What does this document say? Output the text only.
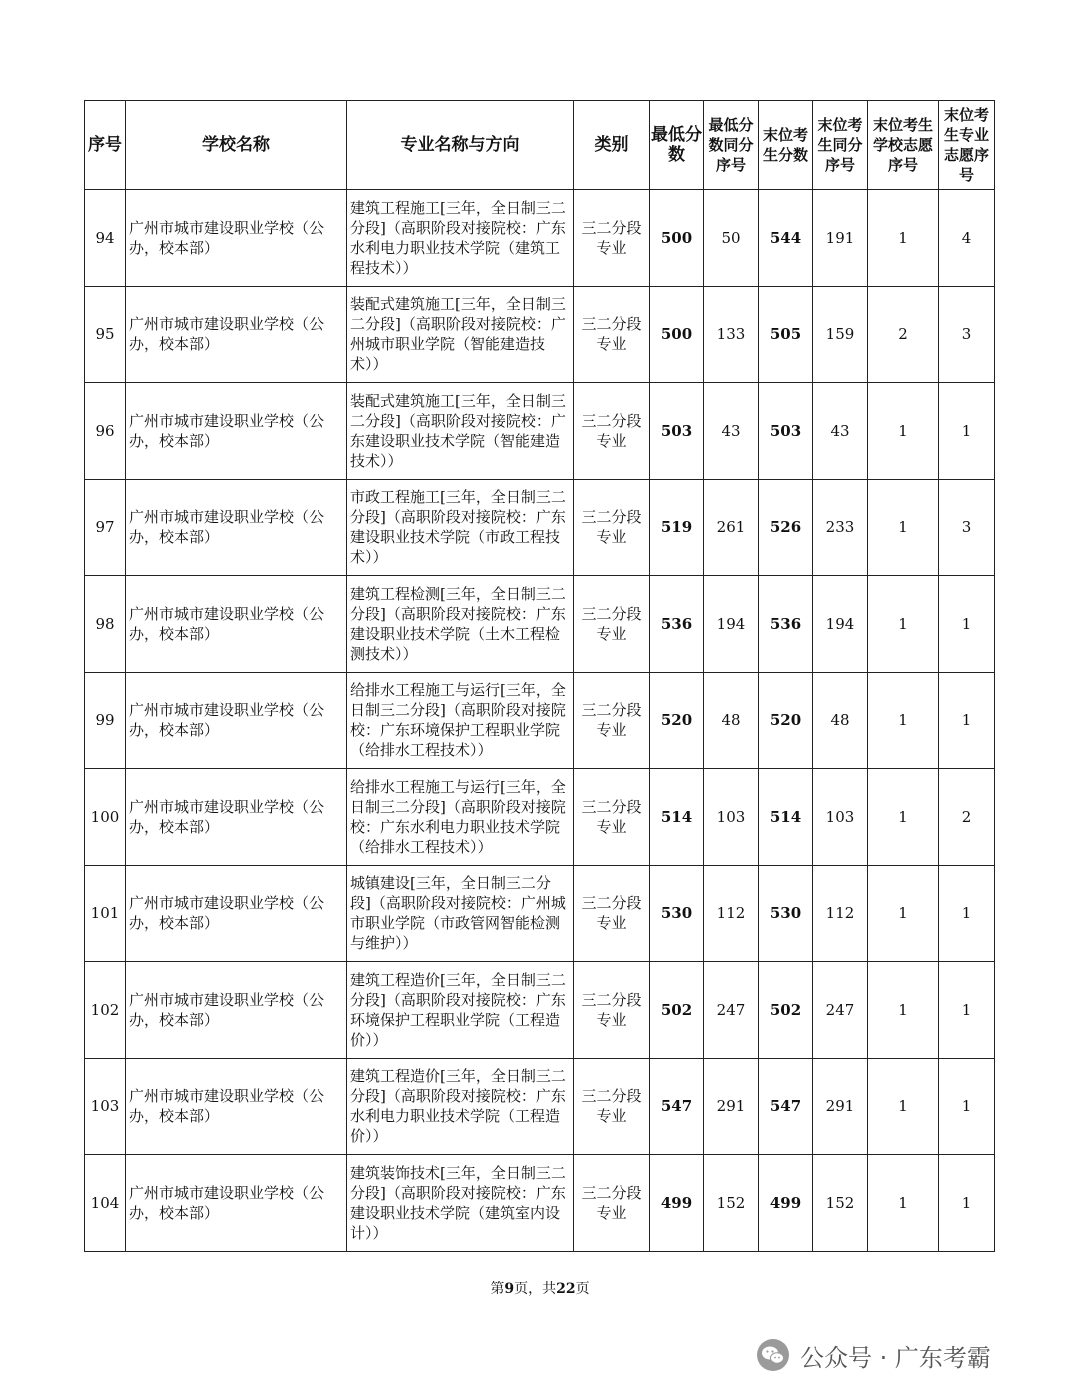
序号	学校名称	专业名称与方向	类别	最低分数	最低分数同分序号	末位考生分数	末位考生同分序号	末位考生学校志愿序号	末位考生专业志愿序号
94	广州市城市建设职业学校（公办，校本部）	建筑工程施工[三年，全日制三二分段]（高职阶段对接院校：广东水利电力职业技术学院（建筑工程技术））	三二分段专业	500	50	544	191	1	4
95	广州市城市建设职业学校（公办，校本部）	装配式建筑施工[三年，全日制三二分段]（高职阶段对接院校：广州城市职业学院（智能建造技术））	三二分段专业	500	133	505	159	2	3
96	广州市城市建设职业学校（公办，校本部）	装配式建筑施工[三年，全日制三二分段]（高职阶段对接院校：广东建设职业技术学院（智能建造技术））	三二分段专业	503	43	503	43	1	1
97	广州市城市建设职业学校（公办，校本部）	市政工程施工[三年，全日制三二分段]（高职阶段对接院校：广东建设职业技术学院（市政工程技术））	三二分段专业	519	261	526	233	1	3
98	广州市城市建设职业学校（公办，校本部）	建筑工程检测[三年，全日制三二分段]（高职阶段对接院校：广东建设职业技术学院（土木工程检测技术））	三二分段专业	536	194	536	194	1	1
99	广州市城市建设职业学校（公办，校本部）	给排水工程施工与运行[三年，全日制三二分段]（高职阶段对接院校：广东环境保护工程职业学院（给排水工程技术））	三二分段专业	520	48	520	48	1	1
100	广州市城市建设职业学校（公办，校本部）	给排水工程施工与运行[三年，全日制三二分段]（高职阶段对接院校：广东水利电力职业技术学院（给排水工程技术））	三二分段专业	514	103	514	103	1	2
101	广州市城市建设职业学校（公办，校本部）	城镇建设[三年，全日制三二分段]（高职阶段对接院校：广州城市职业学院（市政管网智能检测与维护））	三二分段专业	530	112	530	112	1	1
102	广州市城市建设职业学校（公办，校本部）	建筑工程造价[三年，全日制三二分段]（高职阶段对接院校：广东环境保护工程职业学院（工程造价））	三二分段专业	502	247	502	247	1	1
103	广州市城市建设职业学校（公办，校本部）	建筑工程造价[三年，全日制三二分段]（高职阶段对接院校：广东水利电力职业技术学院（工程造价））	三二分段专业	547	291	547	291	1	1
104	广州市城市建设职业学校（公办，校本部）	建筑装饰技术[三年，全日制三二分段]（高职阶段对接院校：广东建设职业技术学院（建筑室内设计））	三二分段专业	499	152	499	152	1	1
第9页，共22页
公众号 · 广东考霸
